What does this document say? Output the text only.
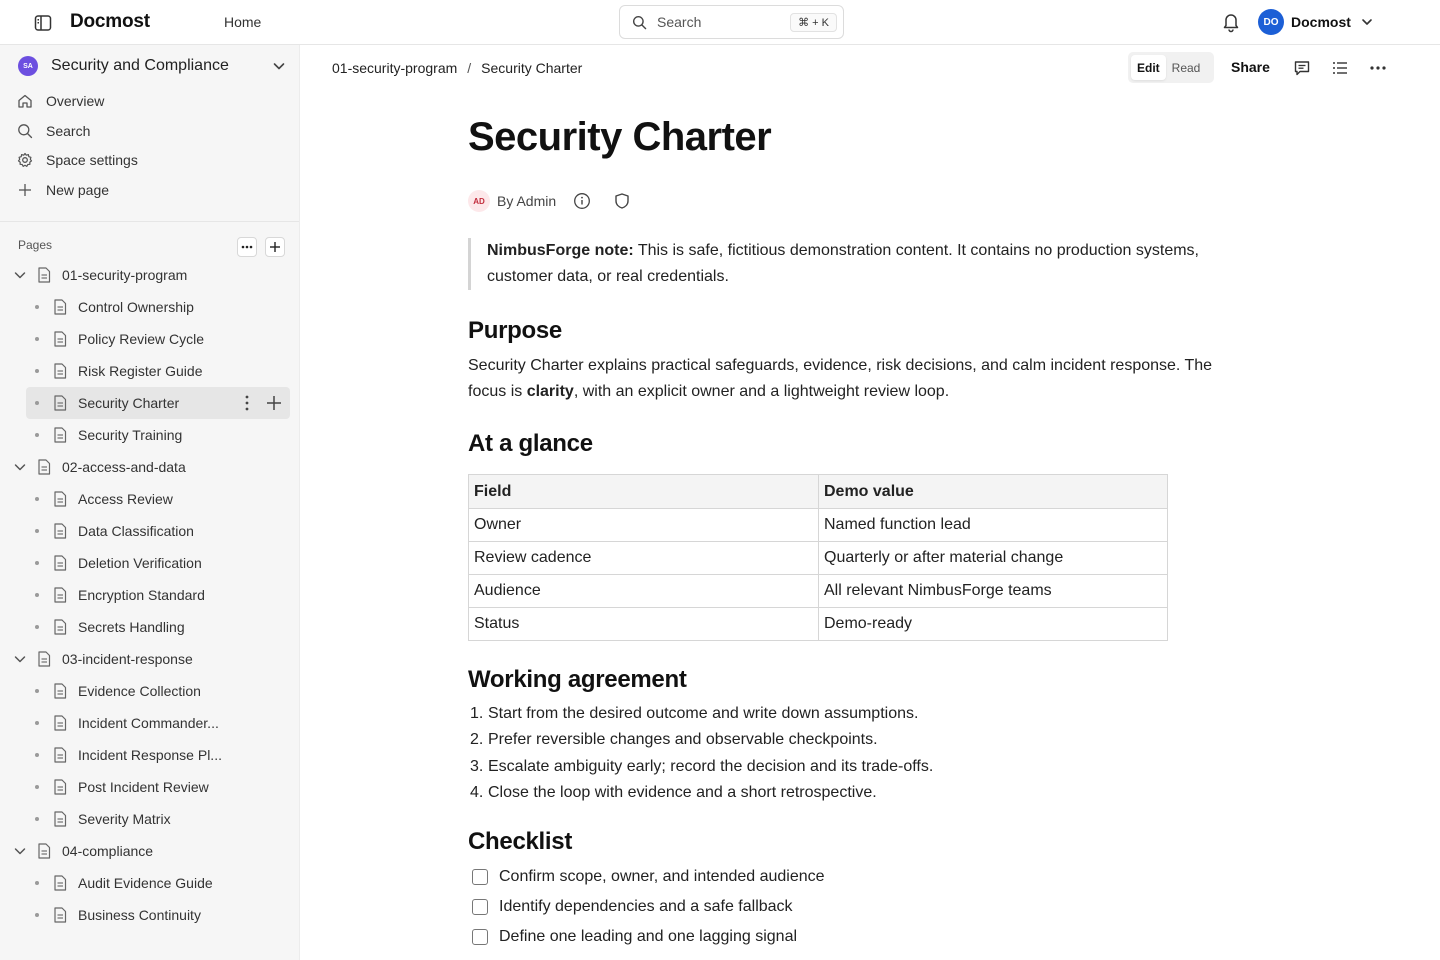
Docmost	Home	Search	⌘ + K	DO Docmost
SA	Security and Compliance
Overview
Search
Space settings
New page
Pages
01-security-program
Control Ownership
Policy Review Cycle
Risk Register Guide
Security Charter
Security Training
02-access-and-data
Access Review
Data Classification
Deletion Verification
Encryption Standard
Secrets Handling
03-incident-response
Evidence Collection
Incident Commander...
Incident Response Pl...
Post Incident Review
Severity Matrix
04-compliance
Audit Evidence Guide
Business Continuity
01-security-program / Security Charter	Edit	Read	Share
Security Charter
AD By Admin
NimbusForge note: This is safe, fictitious demonstration content. It contains no production systems, customer data, or real credentials.
Purpose
Security Charter explains practical safeguards, evidence, risk decisions, and calm incident response. The focus is clarity, with an explicit owner and a lightweight review loop.
At a glance
Field	Demo value
Owner	Named function lead
Review cadence	Quarterly or after material change
Audience	All relevant NimbusForge teams
Status	Demo-ready
Working agreement
1. Start from the desired outcome and write down assumptions.
2. Prefer reversible changes and observable checkpoints.
3. Escalate ambiguity early; record the decision and its trade-offs.
4. Close the loop with evidence and a short retrospective.
Checklist
Confirm scope, owner, and intended audience
Identify dependencies and a safe fallback
Define one leading and one lagging signal
